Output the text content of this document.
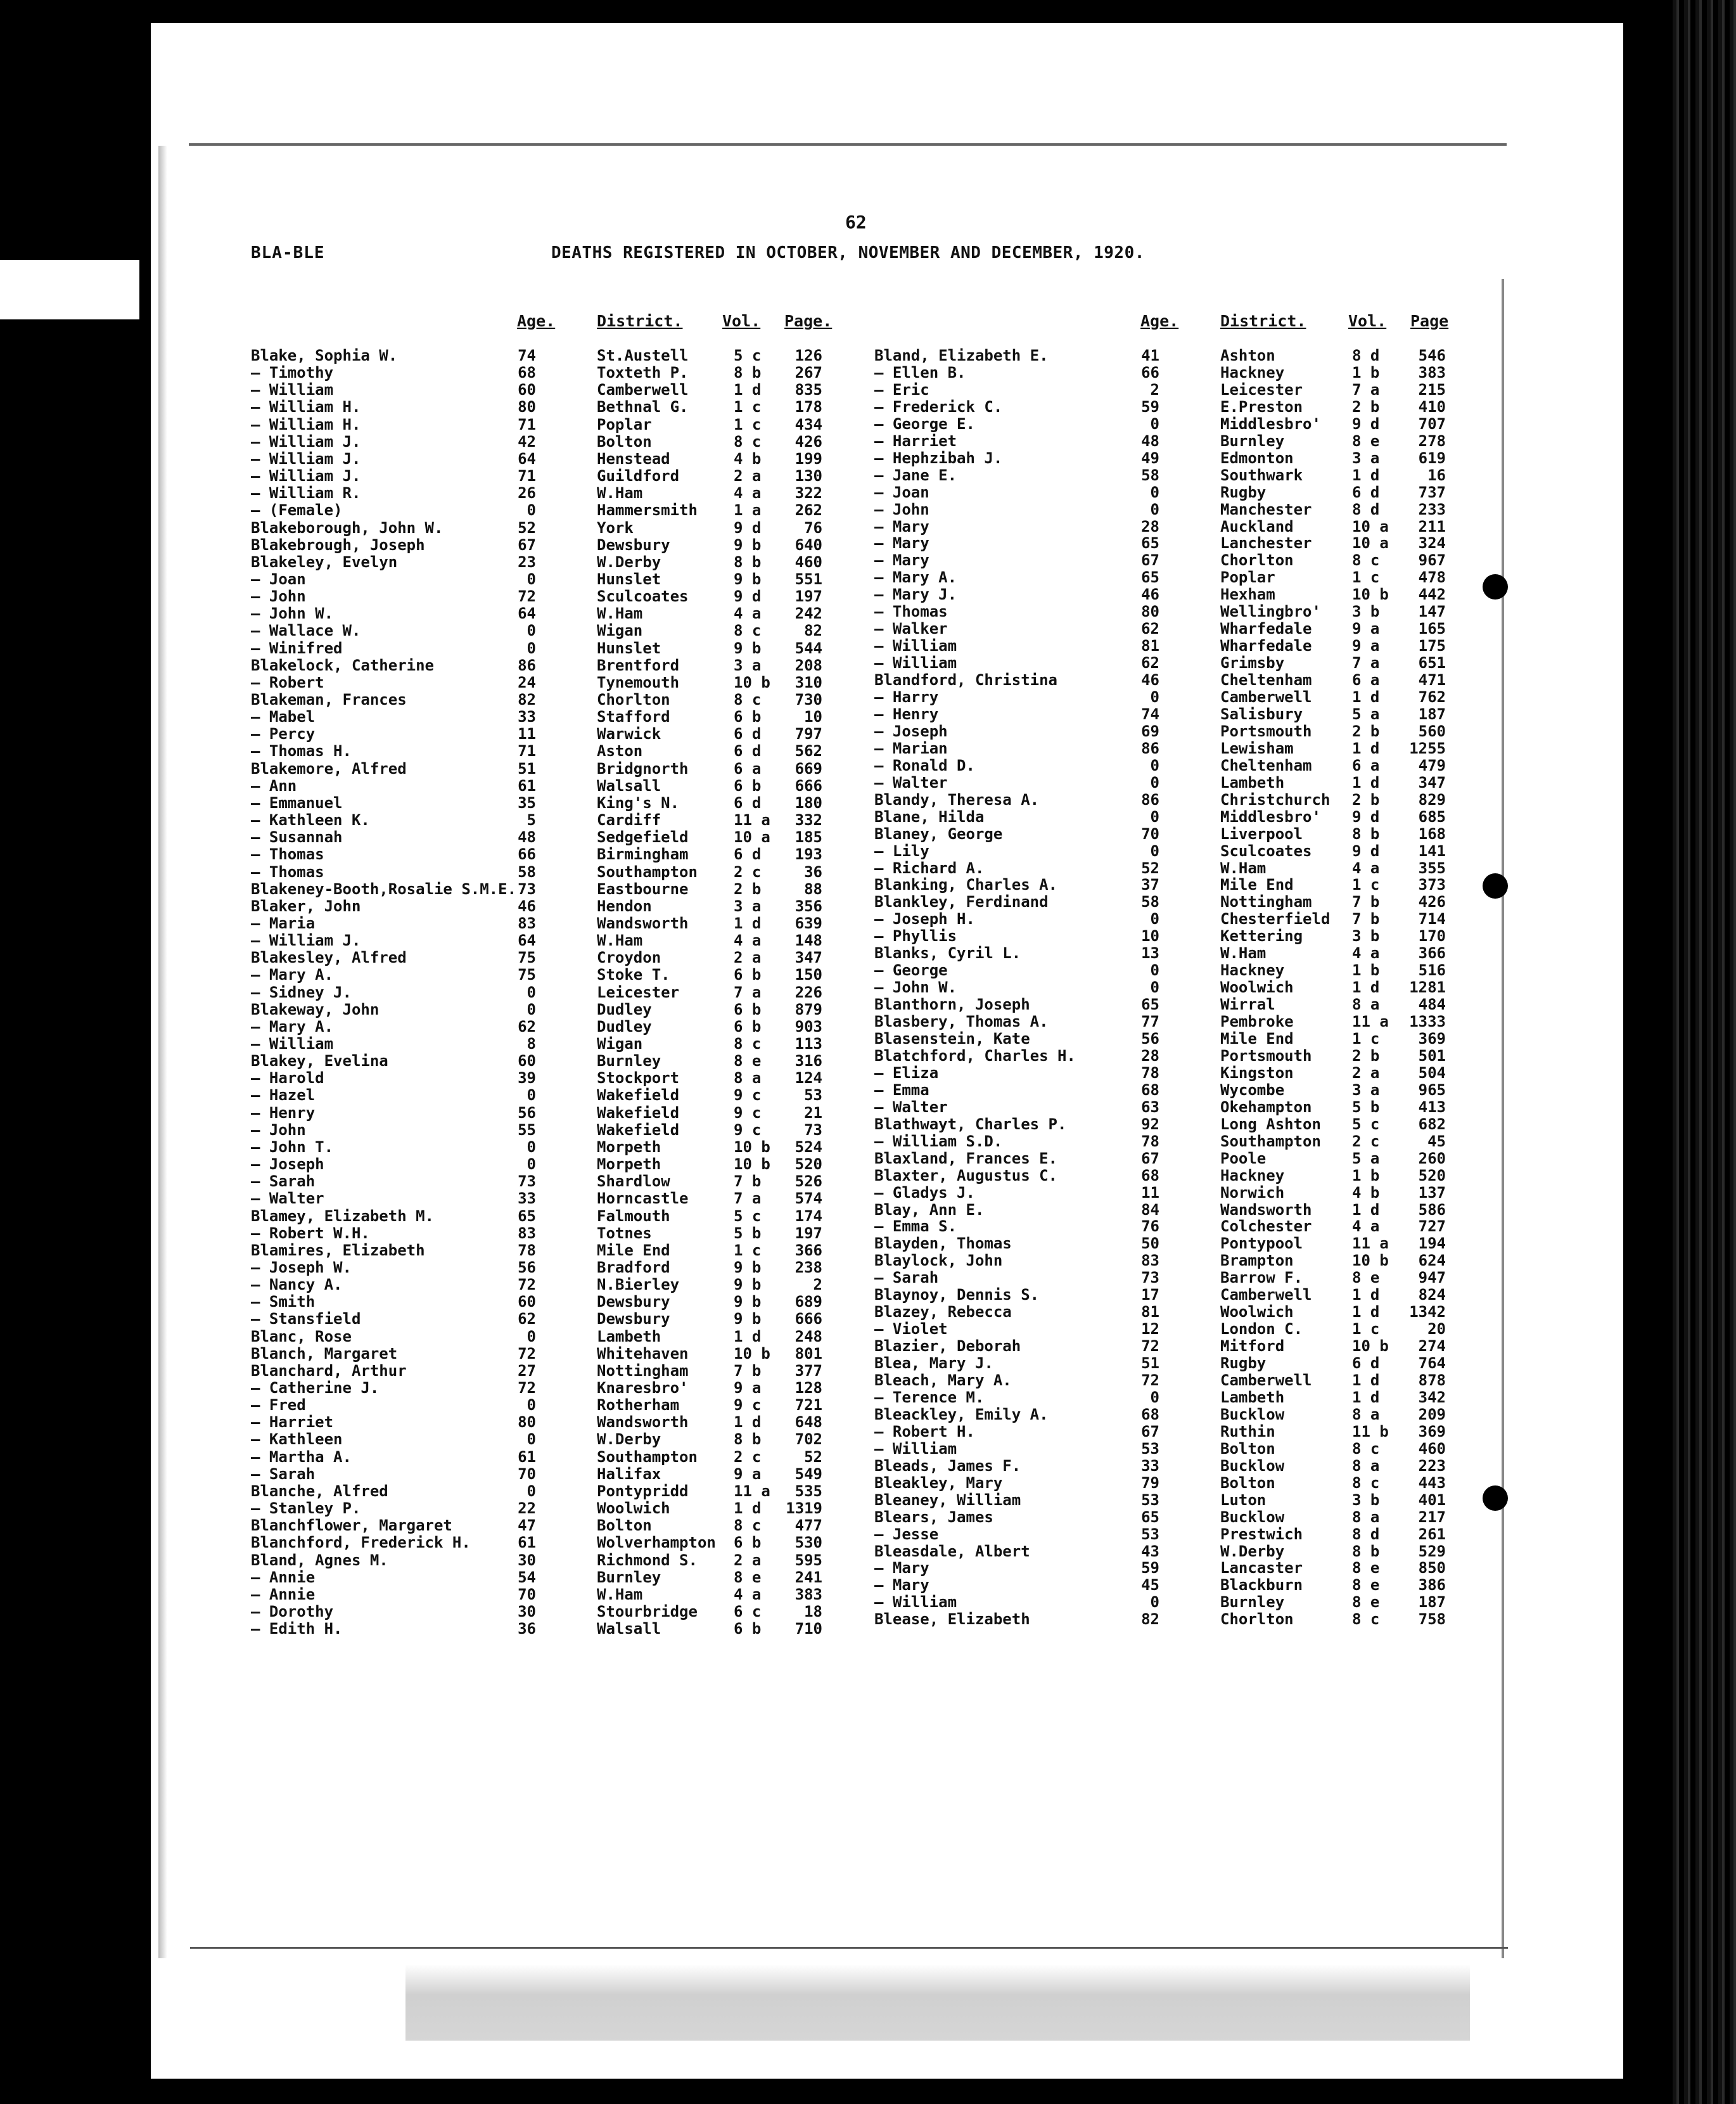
62
BLA-BLE	DEATHS REGISTERED IN OCTOBER, NOVEMBER AND DECEMBER, 1920.
Age.	District.	Vol. Page.	Age.	District.	Vol. Page
Blake, Sophia W.	74	St.Austell	5 c	126
— Timothy	68	Toxteth P.	8 b	267
— William	60	Camberwell	1 d	835
— William H.	80	Bethnal G.	1 c	178
— William H.	71	Poplar	1 c	434
— William J.	42	Bolton	8 c	426
— William J.	64	Henstead	4 b	199
— William J.	71	Guildford	2 a	130
— William R.	26	W.Ham	4 a	322
— (Female)	0	Hammersmith 1 a	262
Blakeborough, John W.	52	York	9 d	76
Blakebrough, Joseph	67	Dewsbury	9 b	640
Blakeley, Evelyn	23	W.Derby	8 b	460
— Joan	0	Hunslet	9 b	551
— John	72	Sculcoates	9 d	197
— John W.	64	W.Ham	4 a	242
— Wallace W.	0	Wigan	8 c	82
— Winifred	0	Hunslet	9 b	544
Blakelock, Catherine	86	Brentford	3 a	208
— Robert	24	Tynemouth	10 b	310
Blakeman, Frances	82	Chorlton	8 c	730
— Mabel	33	Stafford	6 b	10
— Percy	11	Warwick	6 d	797
— Thomas H.	71	Aston	6 d	562
Blakemore, Alfred	51	Bridgnorth	6 a	669
— Ann	61	Walsall	6 b	666
— Emmanuel	35	King's N.	6 d	180
— Kathleen K.	5	Cardiff	11 a	332
— Susannah	48	Sedgefield	10 a	185
— Thomas	66	Birmingham	6 d	193
— Thomas	58	Southampton 2 c	36
Blakeney-Booth,Rosalie S.M.E. 73	Eastbourne	2 b	88
Blaker, John	46	Hendon	3 a	356
— Maria	83	Wandsworth	1 d	639
— William J.	64	W.Ham	4 a	148
Blakesley, Alfred	75	Croydon	2 a	347
— Mary A.	75	Stoke T.	6 b	150
— Sidney J.	0	Leicester	7 a	226
Blakeway, John	0	Dudley	6 b	879
— Mary A.	62	Dudley	6 b	903
— William	8	Wigan	8 c	113
Blakey, Evelina	60	Burnley	8 e	316
— Harold	39	Stockport	8 a	124
— Hazel	0	Wakefield	9 c	53
— Henry	56	Wakefield	9 c	21
— John	55	Wakefield	9 c	73
— John T.	0	Morpeth	10 b	524
— Joseph	0	Morpeth	10 b	520
— Sarah	73	Shardlow	7 b	526
— Walter	33	Horncastle	7 a	574
Blamey, Elizabeth M.	65	Falmouth	5 c	174
— Robert W.H.	83	Totnes	5 b	197
Blamires, Elizabeth	78	Mile End	1 c	366
— Joseph W.	56	Bradford	9 b	238
— Nancy A.	72	N.Bierley	9 b	2
— Smith	60	Dewsbury	9 b	689
— Stansfield	62	Dewsbury	9 b	666
Blanc, Rose	0	Lambeth	1 d	248
Blanch, Margaret	72	Whitehaven	10 b	801
Blanchard, Arthur	27	Nottingham	7 b	377
— Catherine J.	72	Knaresbro'	9 a	128
— Fred	0	Rotherham	9 c	721
— Harriet	80	Wandsworth	1 d	648
— Kathleen	0	W.Derby	8 b	702
— Martha A.	61	Southampton 2 c	52
— Sarah	70	Halifax	9 a	549
Blanche, Alfred	0	Pontypridd	11 a	535
— Stanley P.	22	Woolwich	1 d	1319
Blanchflower, Margaret	47	Bolton	8 c	477
Blanchford, Frederick H.	61	Wolverhampton 6 b	530
Bland, Agnes M.	30	Richmond S. 2 a	595
— Annie	54	Burnley	8 e	241
— Annie	70	W.Ham	4 a	383
— Dorothy	30	Stourbridge 6 c	18
— Edith H.	36	Walsall	6 b	710
Bland, Elizabeth E.	41	Ashton	8 d	546
— Ellen B.	66	Hackney	1 b	383
— Eric	2	Leicester	7 a	215
— Frederick C.	59	E.Preston	2 b	410
— George E.	0	Middlesbro' 9 d	707
— Harriet	48	Burnley	8 e	278
— Hephzibah J.	49	Edmonton	3 a	619
— Jane E.	58	Southwark	1 d	16
— Joan	0	Rugby	6 d	737
— John	0	Manchester	8 d	233
— Mary	28	Auckland	10 a	211
— Mary	65	Lanchester	10 a	324
— Mary	67	Chorlton	8 c	967
— Mary A.	65	Poplar	1 c	478
— Mary J.	46	Hexham	10 b	442
— Thomas	80	Wellingbro' 3 b	147
— Walker	62	Wharfedale	9 a	165
— William	81	Wharfedale	9 a	175
— William	62	Grimsby	7 a	651
Blandford, Christina	46	Cheltenham	6 a	471
— Harry	0	Camberwell	1 d	762
— Henry	74	Salisbury	5 a	187
— Joseph	69	Portsmouth	2 b	560
— Marian	86	Lewisham	1 d	1255
— Ronald D.	0	Cheltenham	6 a	479
— Walter	0	Lambeth	1 d	347
Blandy, Theresa A.	86	Christchurch 2 b	829
Blane, Hilda	0	Middlesbro' 9 d	685
Blaney, George	70	Liverpool	8 b	168
— Lily	0	Sculcoates	9 d	141
— Richard A.	52	W.Ham	4 a	355
Blanking, Charles A.	37	Mile End	1 c	373
Blankley, Ferdinand	58	Nottingham	7 b	426
— Joseph H.	0	Chesterfield 7 b	714
— Phyllis	10	Kettering	3 b	170
Blanks, Cyril L.	13	W.Ham	4 a	366
— George	0	Hackney	1 b	516
— John W.	0	Woolwich	1 d	1281
Blanthorn, Joseph	65	Wirral	8 a	484
Blasbery, Thomas A.	77	Pembroke	11 a	1333
Blasenstein, Kate	56	Mile End	1 c	369
Blatchford, Charles H.	28	Portsmouth	2 b	501
— Eliza	78	Kingston	2 a	504
— Emma	68	Wycombe	3 a	965
— Walter	63	Okehampton	5 b	413
Blathwayt, Charles P.	92	Long Ashton 5 c	682
— William S.D.	78	Southampton 2 c	45
Blaxland, Frances E.	67	Poole	5 a	260
Blaxter, Augustus C.	68	Hackney	1 b	520
— Gladys J.	11	Norwich	4 b	137
Blay, Ann E.	84	Wandsworth	1 d	586
— Emma S.	76	Colchester	4 a	727
Blayden, Thomas	50	Pontypool	11 a	194
Blaylock, John	83	Brampton	10 b	624
— Sarah	73	Barrow F.	8 e	947
Blaynoy, Dennis S.	17	Camberwell	1 d	824
Blazey, Rebecca	81	Woolwich	1 d	1342
— Violet	12	London C.	1 c	20
Blazier, Deborah	72	Mitford	10 b	274
Blea, Mary J.	51	Rugby	6 d	764
Bleach, Mary A.	72	Camberwell	1 d	878
— Terence M.	0	Lambeth	1 d	342
Bleackley, Emily A.	68	Bucklow	8 a	209
— Robert H.	67	Ruthin	11 b	369
— William	53	Bolton	8 c	460
Bleads, James F.	33	Bucklow	8 a	223
Bleakley, Mary	79	Bolton	8 c	443
Bleaney, William	53	Luton	3 b	401
Blears, James	65	Bucklow	8 a	217
— Jesse	53	Prestwich	8 d	261
Bleasdale, Albert	43	W.Derby	8 b	529
— Mary	59	Lancaster	8 e	850
— Mary	45	Blackburn	8 e	386
— William	0	Burnley	8 e	187
Blease, Elizabeth	82	Chorlton	8 c	758
